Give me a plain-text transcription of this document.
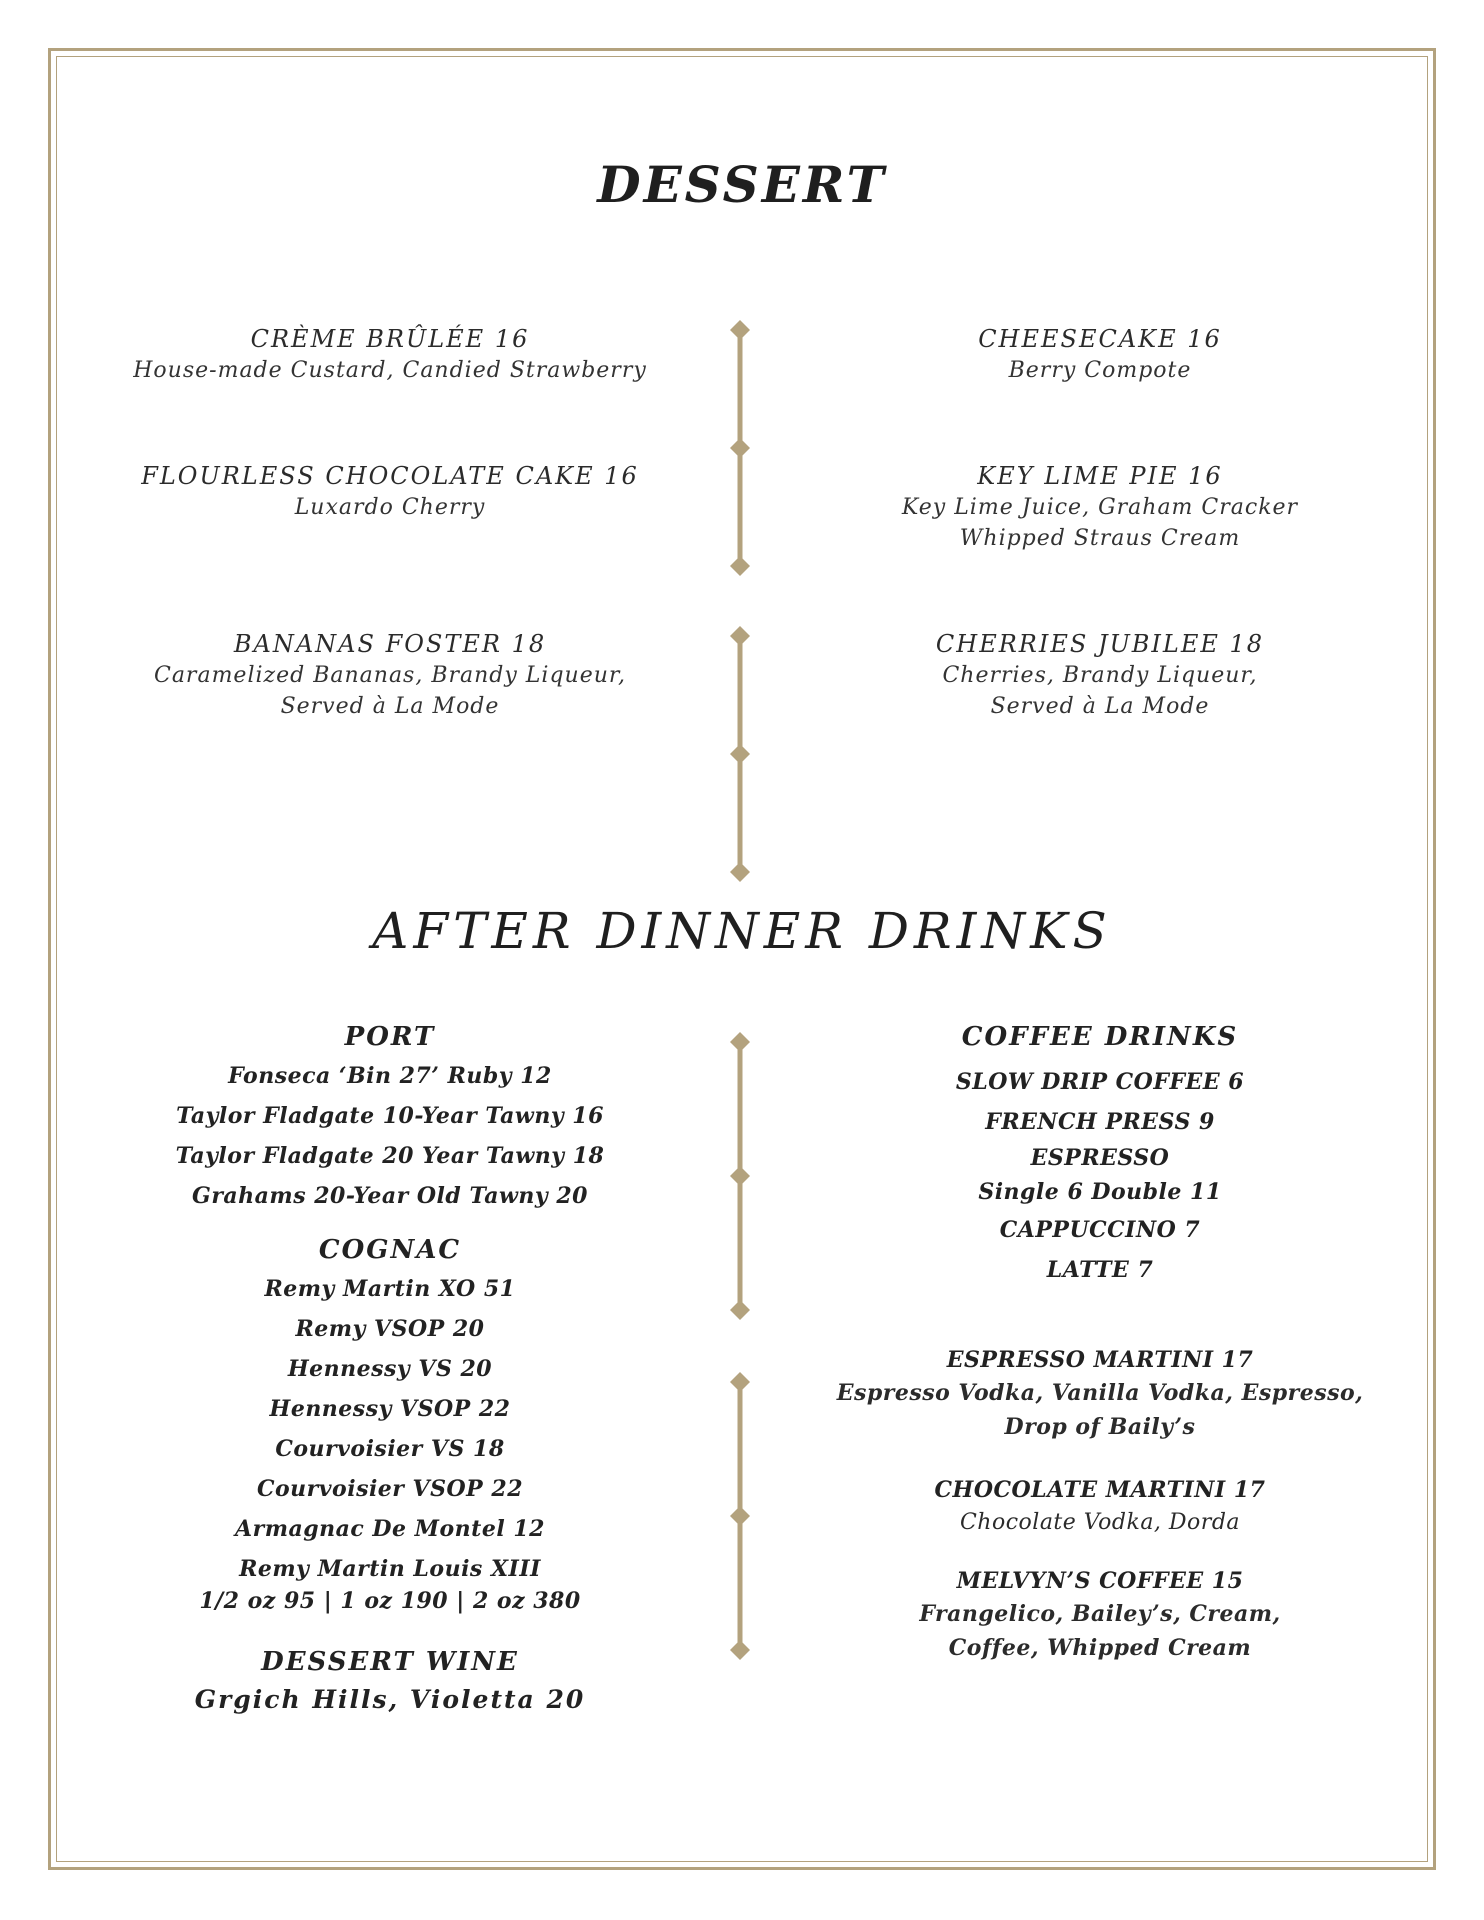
DESSERT
CRÈME BRÛLÉE 16
House-made Custard, Candied Strawberry
FLOURLESS CHOCOLATE CAKE 16
Luxardo Cherry
BANANAS FOSTER 18
Caramelized Bananas, Brandy Liqueur,
Served à La Mode
CHEESECAKE 16
Berry Compote
KEY LIME PIE 16
Key Lime Juice, Graham Cracker
Whipped Straus Cream
CHERRIES JUBILEE 18
Cherries, Brandy Liqueur,
Served à La Mode
AFTER DINNER DRINKS
PORT
Fonseca ‘Bin 27’ Ruby 12
Taylor Fladgate 10-Year Tawny 16
Taylor Fladgate 20 Year Tawny 18
Grahams 20-Year Old Tawny 20
COGNAC
Remy Martin XO 51
Remy VSOP 20
Hennessy VS 20
Hennessy VSOP 22
Courvoisier VS 18
Courvoisier VSOP 22
Armagnac De Montel 12
Remy Martin Louis XIII
1/2 oz 95 | 1 oz 190 | 2 oz 380
DESSERT WINE
Grgich Hills, Violetta 20
COFFEE DRINKS
SLOW DRIP COFFEE 6
FRENCH PRESS 9
ESPRESSO
Single 6 Double 11
CAPPUCCINO 7
LATTE 7
ESPRESSO MARTINI 17
Espresso Vodka, Vanilla Vodka, Espresso,
Drop of Baily’s
CHOCOLATE MARTINI 17
Chocolate Vodka, Dorda
MELVYN’S COFFEE 15
Frangelico, Bailey’s, Cream,
Coffee, Whipped Cream
